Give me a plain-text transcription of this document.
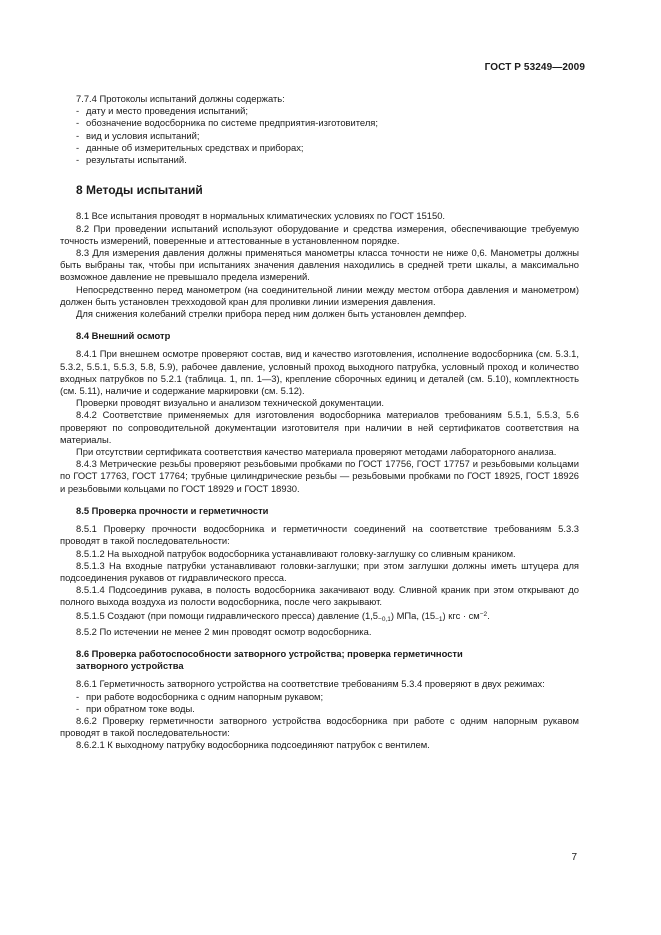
ГОСТ Р 53249—2009

7.7.4 Протоколы испытаний должны содержать:

- дату и место проведения испытаний;
- обозначение водосборника по системе предприятия-изготовителя;
- вид и условия испытаний;
- данные об измерительных средствах и приборах;
- результаты испытаний.
8 Методы испытаний

8.1 Все испытания проводят в нормальных климатических условиях по ГОСТ 15150.

8.2 При проведении испытаний используют оборудование и средства измерения, обеспечивающие требуемую точность измерений, поверенные и аттестованные в установленном порядке.

8.3 Для измерения давления должны применяться манометры класса точности не ниже 0,6. Манометры должны быть выбраны так, чтобы при испытаниях значения давления находились в средней трети шкалы, а максимально возможное давление не превышало предела измерений.

Непосредственно перед манометром (на соединительной линии между местом отбора давления и манометром) должен быть установлен трехходовой кран для проливки линии измерения давления.

Для снижения колебаний стрелки прибора перед ним должен быть установлен демпфер.

8.4 Внешний осмотр

8.4.1 При внешнем осмотре проверяют состав, вид и качество изготовления, исполнение водосборника (см. 5.3.1, 5.3.2, 5.5.1, 5.5.3, 5.8, 5.9), рабочее давление, условный проход выходного патрубка, условный проход и количество входных патрубков по 5.2.1 (таблица. 1, пп. 1—3), крепление сборочных единиц и деталей (см. 5.10), комплектность (см. 5.11), наличие и содержание маркировки (см. 5.12).

Проверки проводят визуально и анализом технической документации.

8.4.2 Соответствие применяемых для изготовления водосборника материалов требованиям 5.5.1, 5.5.3, 5.6 проверяют по сопроводительной документации изготовителя при наличии в ней сертификатов соответствия на материалы.

При отсутствии сертификата соответствия качество материала проверяют методами лабораторного анализа.

8.4.3 Метрические резьбы проверяют резьбовыми пробками по ГОСТ 17756, ГОСТ 17757 и резьбовыми кольцами по ГОСТ 17763, ГОСТ 17764; трубные цилиндрические резьбы — резьбовыми пробками по ГОСТ 18925, ГОСТ 18926 и резьбовыми кольцами по ГОСТ 18929 и ГОСТ 18930.

8.5 Проверка прочности и герметичности

8.5.1 Проверку прочности водосборника и герметичности соединений на соответствие требованиям 5.3.3 проводят в такой последовательности:

8.5.1.2 На выходной патрубок водосборника устанавливают головку-заглушку со сливным краником.

8.5.1.3 На входные патрубки устанавливают головки-заглушки; при этом заглушки должны иметь штуцера для подсоединения рукавов от гидравлического пресса.

8.5.1.4 Подсоединив рукава, в полость водосборника закачивают воду. Сливной краник при этом открывают до полного выхода воздуха из полости водосборника, после чего закрывают.

8.5.1.5 Создают (при помощи гидравлического пресса) давление $(1,5_{-0,1})$ МПа, $(15_{-1})$ кгс · $см^{-2}$.

8.5.2 По истечении не менее 2 мин проводят осмотр водосборника.

8.6 Проверка работоспособности затворного устройства; проверка герметичности
затворного устройства

8.6.1 Герметичность затворного устройства на соответствие требованиям 5.3.4 проверяют в двух режимах:

- при работе водосборника с одним напорным рукавом;
- при обратном токе воды.

8.6.2 Проверку герметичности затворного устройства водосборника при работе с одним напорным рукавом проводят в такой последовательности:

8.6.2.1 К выходному патрубку водосборника подсоединяют патрубок с вентилем.

7
